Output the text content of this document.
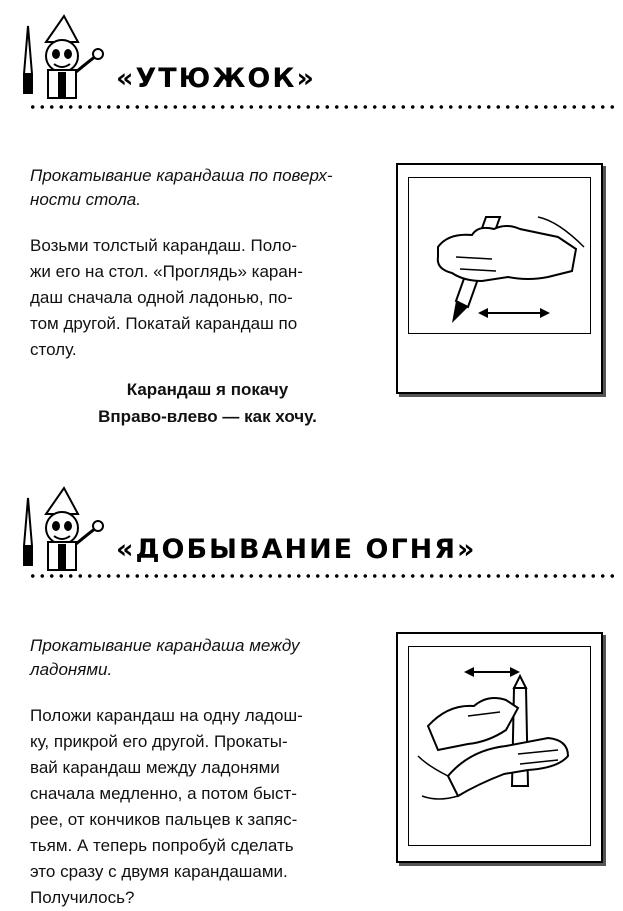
«УТЮЖОК»

Прокатывание карандаша по поверх-
ности стола.

Возьми толстый карандаш. Поло-
жи его на стол. «Проглядь» каран-
даш сначала одной ладонью, по-
том другой. Покатай карандаш по
столу.

Карандаш я покачу
Вправо-влево — как хочу.

«ДОБЫВАНИЕ ОГНЯ»

Прокатывание карандаша между
ладонями.

Положи карандаш на одну ладош-
ку, прикрой его другой. Прокаты-
вай карандаш между ладонями
сначала медленно, а потом быст-
рее, от кончиков пальцев к запяс-
тьям. А теперь попробуй сделать
это сразу с двумя карандашами.
Получилось?
